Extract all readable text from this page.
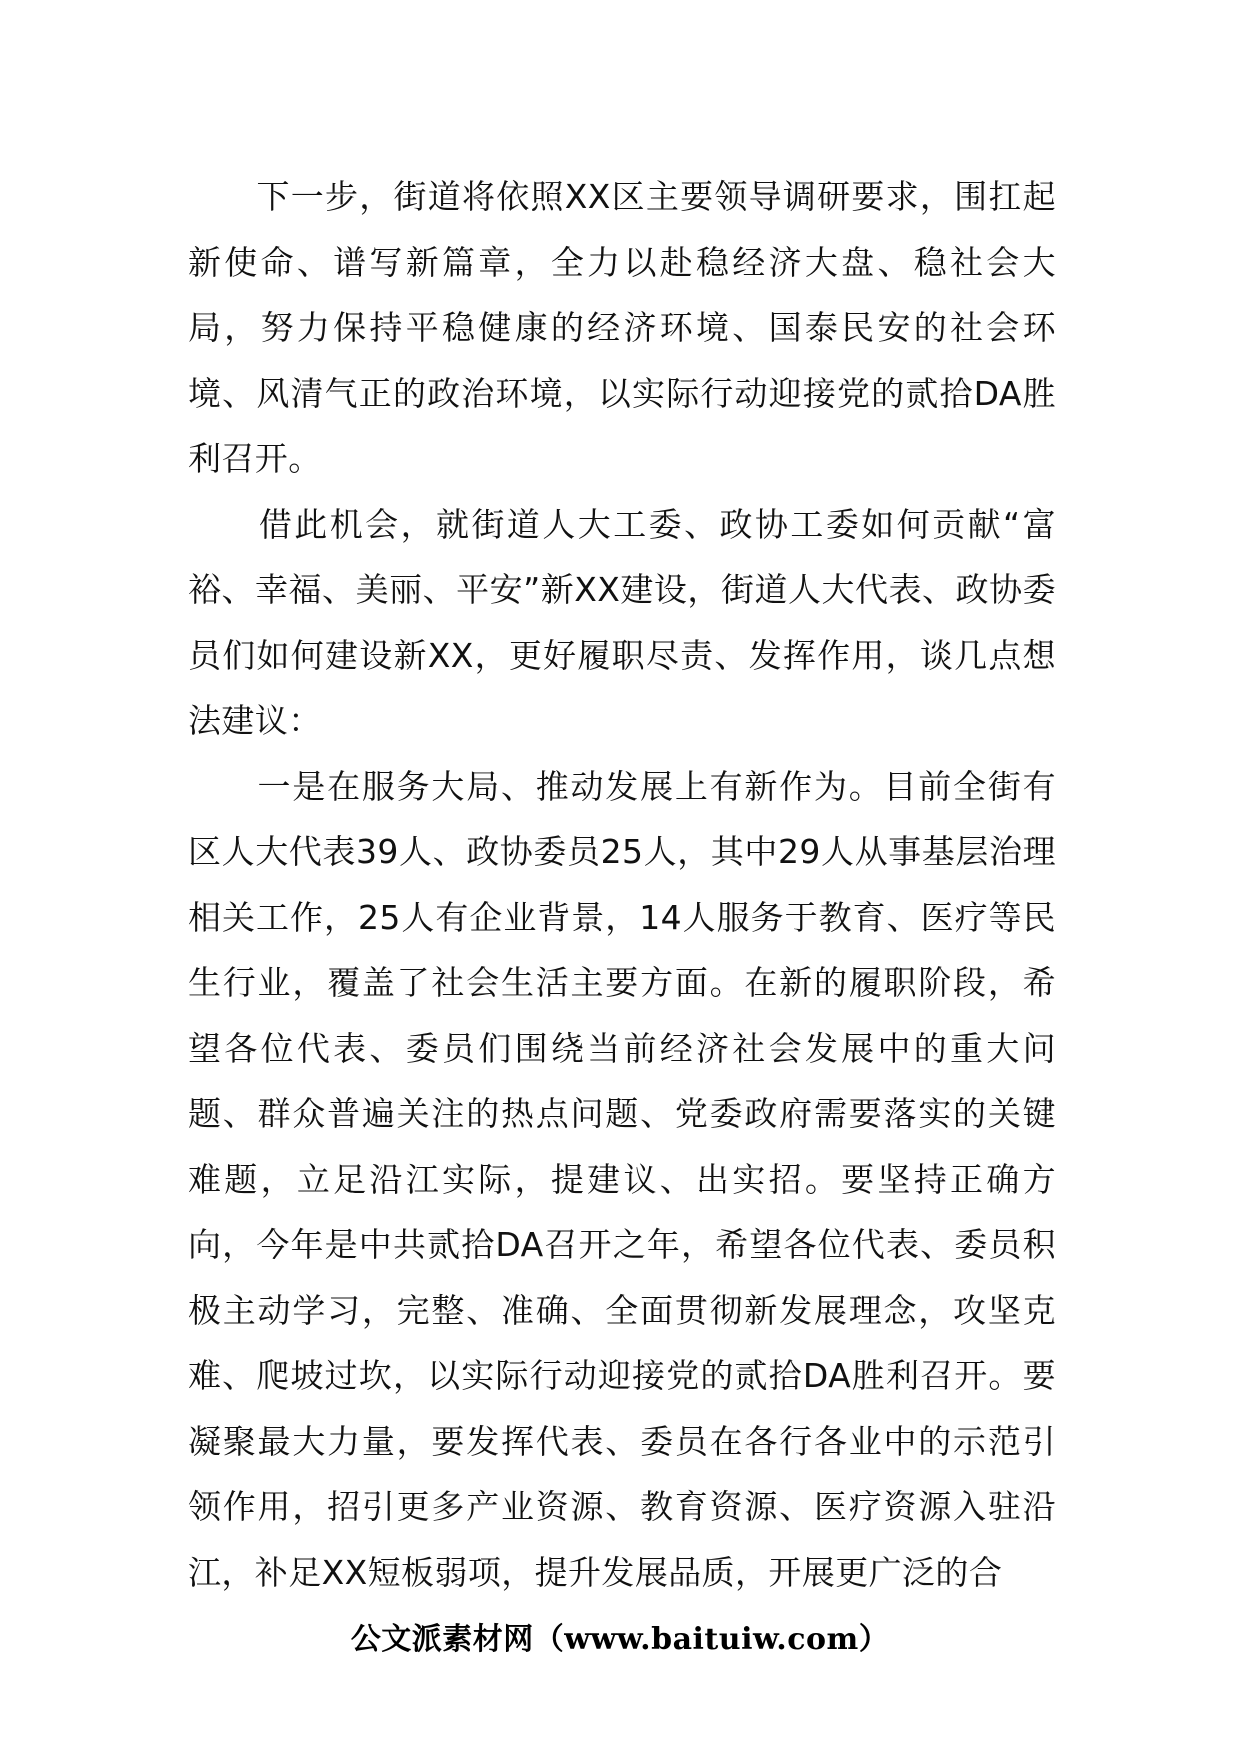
　　下一步，街道将依照XX区主要领导调研要求，围扛起新使命、谱写新篇章，全力以赴稳经济大盘、稳社会大局，努力保持平稳健康的经济环境、国泰民安的社会环境、风清气正的政治环境，以实际行动迎接党的贰拾DA胜利召开。

　　借此机会，就街道人大工委、政协工委如何贡献“富裕、幸福、美丽、平安”新XX建设，街道人大代表、政协委员们如何建设新XX，更好履职尽责、发挥作用，谈几点想法建议：

　　一是在服务大局、推动发展上有新作为。目前全街有区人大代表39人、政协委员25人，其中29人从事基层治理相关工作，25人有企业背景，14人服务于教育、医疗等民生行业，覆盖了社会生活主要方面。在新的履职阶段，希望各位代表、委员们围绕当前经济社会发展中的重大问题、群众普遍关注的热点问题、党委政府需要落实的关键难题，立足沿江实际，提建议、出实招。要坚持正确方向，今年是中共贰拾DA召开之年，希望各位代表、委员积极主动学习，完整、准确、全面贯彻新发展理念，攻坚克难、爬坡过坎，以实际行动迎接党的贰拾DA胜利召开。要凝聚最大力量，要发挥代表、委员在各行各业中的示范引领作用，招引更多产业资源、教育资源、医疗资源入驻沿江，补足XX短板弱项，提升发展品质，开展更广泛的合

公文派素材网（www.baituiw.com）
